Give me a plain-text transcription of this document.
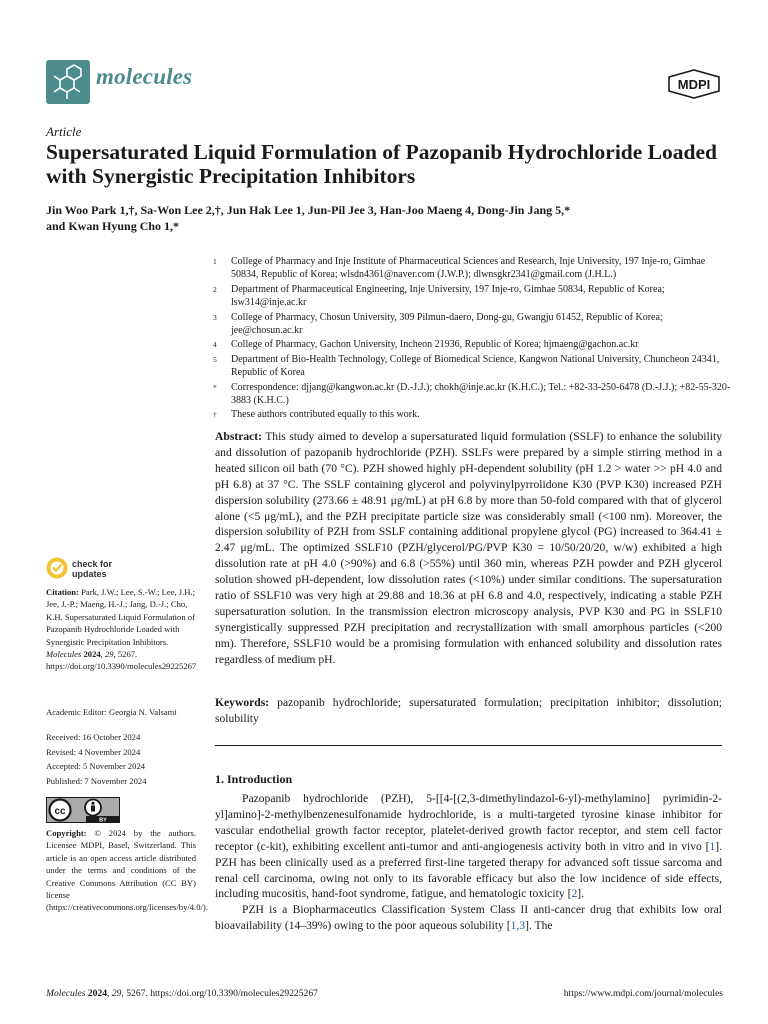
molecules	MDPI
Article
Supersaturated Liquid Formulation of Pazopanib Hydrochloride Loaded with Synergistic Precipitation Inhibitors
Jin Woo Park 1,†, Sa-Won Lee 2,†, Jun Hak Lee 1, Jun-Pil Jee 3, Han-Joo Maeng 4, Dong-Jin Jang 5,*
and Kwan Hyung Cho 1,*
1	College of Pharmacy and Inje Institute of Pharmaceutical Sciences and Research, Inje University, 197 Inje-ro, Gimhae 50834, Republic of Korea; wlsdn4361@naver.com (J.W.P.); dlwnsgkr2341@gmail.com (J.H.L.)
2	Department of Pharmaceutical Engineering, Inje University, 197 Inje-ro, Gimhae 50834, Republic of Korea; lsw314@inje.ac.kr
3	College of Pharmacy, Chosun University, 309 Pilmun-daero, Dong-gu, Gwangju 61452, Republic of Korea; jee@chosun.ac.kr
4	College of Pharmacy, Gachon University, Incheon 21936, Republic of Korea; hjmaeng@gachon.ac.kr
5	Department of Bio-Health Technology, College of Biomedical Science, Kangwon National University, Chuncheon 24341, Republic of Korea
*	Correspondence: djjang@kangwon.ac.kr (D.-J.J.); chokh@inje.ac.kr (K.H.C.); Tel.: +82-33-250-6478 (D.-J.J.); +82-55-320-3883 (K.H.C.)
†	These authors contributed equally to this work.
Abstract: This study aimed to develop a supersaturated liquid formulation (SSLF) to enhance the solubility and dissolution of pazopanib hydrochloride (PZH). SSLFs were prepared by a simple stirring method in a heated silicon oil bath (70 °C). PZH showed highly pH-dependent solubility (pH 1.2 > water >> pH 4.0 and pH 6.8) at 37 °C. The SSLF containing glycerol and polyvinylpyrrolidone K30 (PVP K30) increased PZH dispersion solubility (273.66 ± 48.91 μg/mL) at pH 6.8 by more than 50-fold compared with that of glycerol alone (<5 μg/mL), and the PZH precipitate particle size was considerably small (<100 nm). Moreover, the dispersion solubility of PZH from SSLF containing additional propylene glycol (PG) increased to 364.41 ± 2.47 μg/mL. The optimized SSLF10 (PZH/glycerol/PG/PVP K30 = 10/50/20/20, w/w) exhibited a high dissolution rate at pH 4.0 (>90%) and 6.8 (>55%) until 360 min, whereas PZH powder and PZH glycerol solution showed pH-dependent, low dissolution rates (<10%) under similar conditions. The supersaturation ratio of SSLF10 was very high at 29.88 and 18.36 at pH 6.8 and 4.0, respectively, indicating a stable PZH supersaturation solution. In the transmission electron microscopy analysis, PVP K30 and PG in SSLF10 synergistically suppressed PZH precipitation and recrystallization with small amorphous particles (<200 nm). Therefore, SSLF10 would be a promising formulation with enhanced solubility and dissolution rates regardless of medium pH.
Keywords: pazopanib hydrochloride; supersaturated formulation; precipitation inhibitor; dissolution; solubility
check for
updates
Citation: Park, J.W.; Lee, S.-W.; Lee, J.H.; Jee, J.-P.; Maeng, H.-J.; Jang, D.-J.; Cho, K.H. Supersaturated Liquid Formulation of Pazopanib Hydrochloride Loaded with Synergistic Precipitation Inhibitors. Molecules 2024, 29, 5267. https://doi.org/10.3390/molecules29225267
Academic Editor: Georgia N. Valsami
Received: 16 October 2024
Revised: 4 November 2024
Accepted: 5 November 2024
Published: 7 November 2024
cc
BY
Copyright: © 2024 by the authors. Licensee MDPI, Basel, Switzerland. This article is an open access article distributed under the terms and conditions of the Creative Commons Attribution (CC BY) license (https://creativecommons.org/licenses/by/4.0/).
1. Introduction

Pazopanib hydrochloride (PZH), 5-[[4-[(2,3-dimethylindazol-6-yl)-methylamino] pyrimidin-2-yl]amino]-2-methylbenzenesulfonamide hydrochloride, is a multi-targeted tyrosine kinase inhibitor for vascular endothelial growth factor receptor, platelet-derived growth factor receptor, and stem cell factor receptor (c-kit), exhibiting excellent anti-tumor and anti-angiogenesis activity both in vitro and in vivo [1]. PZH has been clinically used as a preferred first-line targeted therapy for advanced soft tissue sarcoma and renal cell carcinoma, owing not only to its favorable efficacy but also the low incidence of side effects, including mucositis, hand-foot syndrome, fatigue, and hematologic toxicity [2].

PZH is a Biopharmaceutics Classification System Class II anti-cancer drug that exhibits low oral bioavailability (14–39%) owing to the poor aqueous solubility [1,3]. The

Molecules 2024, 29, 5267. https://doi.org/10.3390/molecules29225267	https://www.mdpi.com/journal/molecules
